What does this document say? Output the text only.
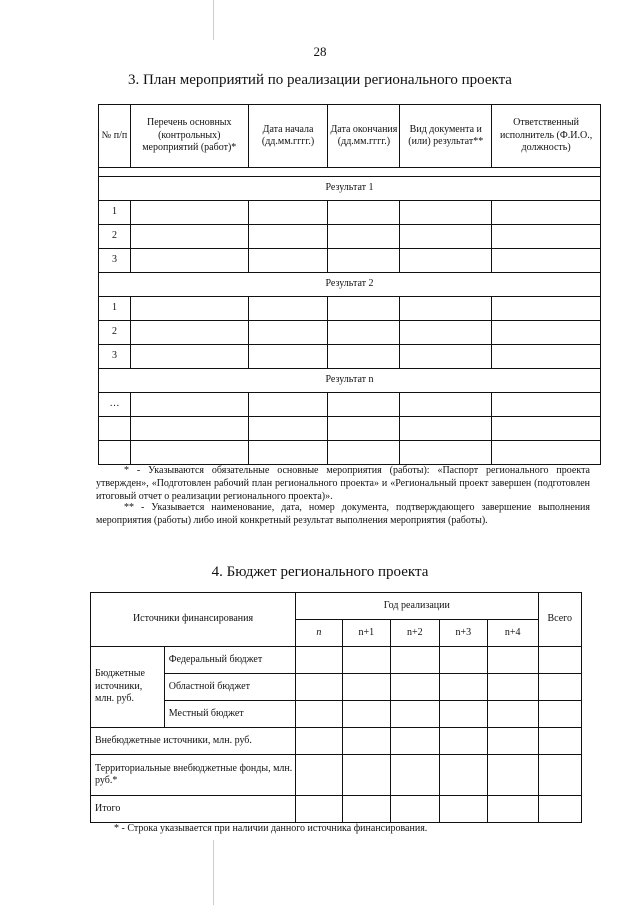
28
3. План мероприятий по реализации регионального проекта
№ п/п	Перечень основных (контрольных) мероприятий (работ)*	Дата начала (дд.мм.гггг.)	Дата окончания (дд.мм.гггг.)	Вид документа и (или) результат**	Ответственный исполнитель (Ф.И.О., должность)

Результат 1					
1					
2					
3					
Результат 2					
1					
2					
3					
Результат n					
…					

* - Указываются обязательные основные мероприятия (работы): «Паспорт регионального проекта утвержден», «Подготовлен рабочий план регионального проекта» и «Региональный проект завершен (подготовлен итоговый отчет о реализации регионального проекта)».
** - Указывается наименование, дата, номер документа, подтверждающего завершение выполнения мероприятия (работы) либо иной конкретный результат выполнения мероприятия (работы).
4. Бюджет регионального проекта
Источники финансирования		Год реализации					Всего
		n	n+1	n+2	n+3	n+4	
Бюджетные источники, млн. руб.	Федеральный бюджет						
	Областной бюджет						
	Местный бюджет						
Внебюджетные источники, млн. руб.							
Территориальные внебюджетные фонды, млн. руб.*							
Итого							
* - Строка указывается при наличии данного источника финансирования.
